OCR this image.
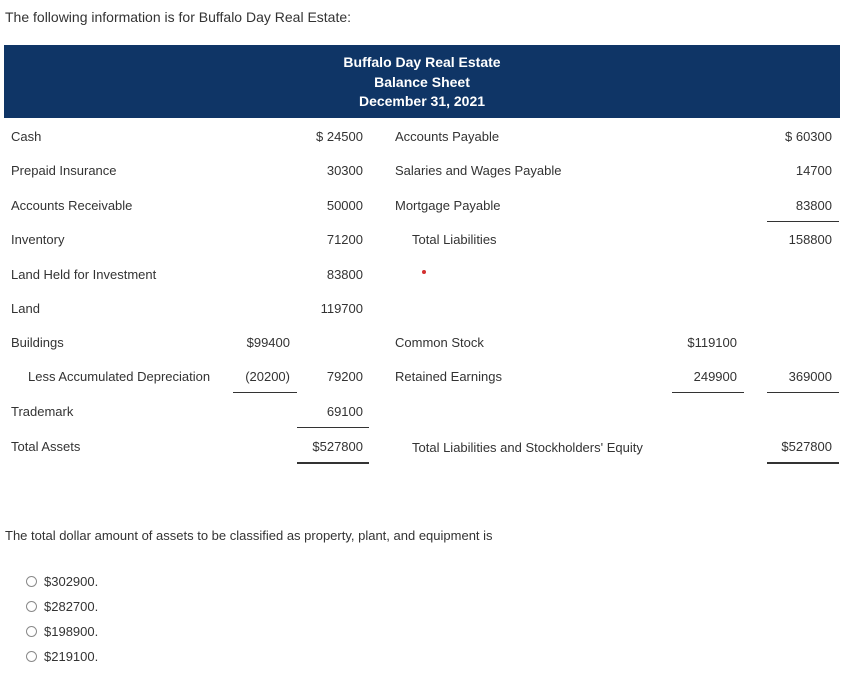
The following information is for Buffalo Day Real Estate:
Buffalo Day Real Estate
Balance Sheet
December 31, 2021
Cash
Prepaid Insurance
Accounts Receivable
Inventory
Land Held for Investment
Land
Buildings
Less Accumulated Depreciation
Trademark
Total Assets
$99400
(20200)
$ 24500
30300
50000
71200
83800
119700
79200
69100
$527800
Accounts Payable
Salaries and Wages Payable
Mortgage Payable
Total Liabilities
$ 60300
14700
83800
158800
Common Stock
Retained Earnings
$119100
249900	369000
Total Liabilities and Stockholders' Equity	$527800
The total dollar amount of assets to be classified as property, plant, and equipment is
$302900.
$282700.
$198900.
$219100.
